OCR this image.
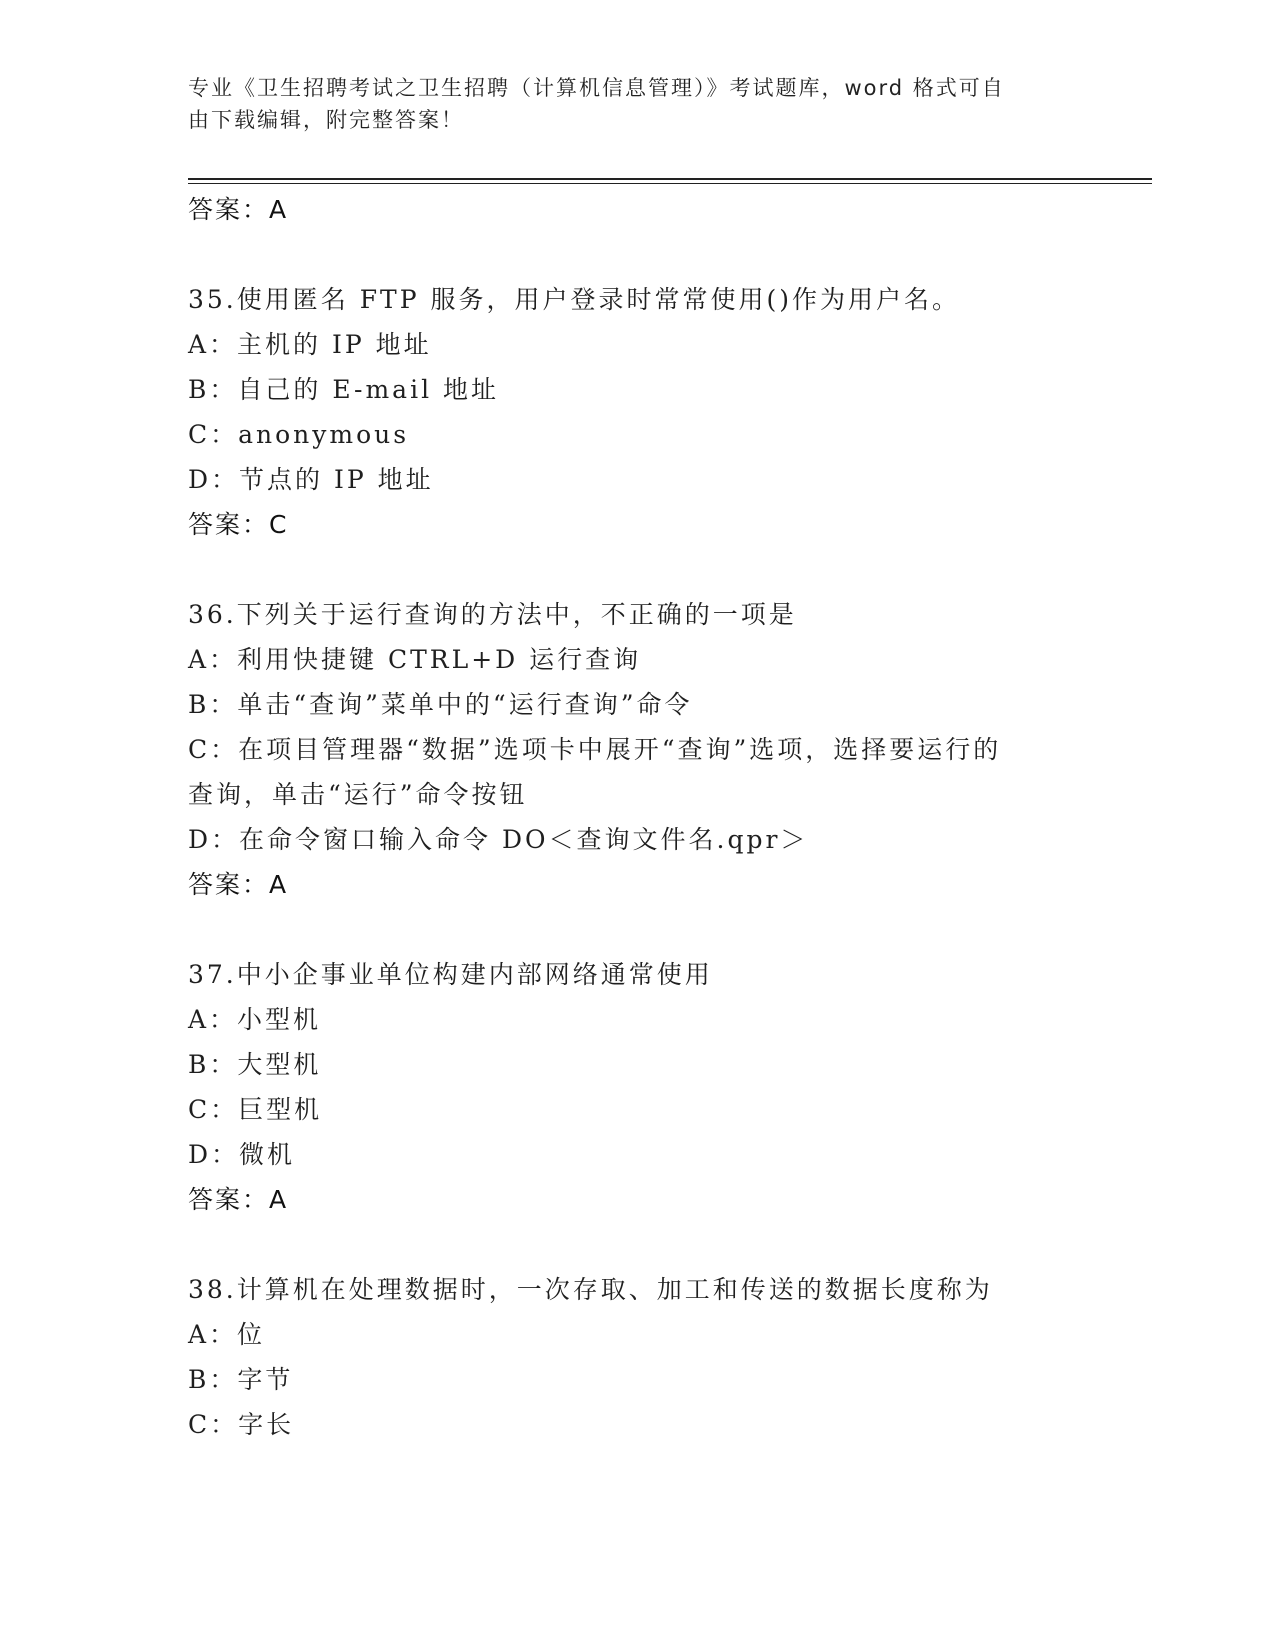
专业《卫生招聘考试之卫生招聘（计算机信息管理）》考试题库，word 格式可自
由下载编辑，附完整答案！
答案：A
35.使用匿名 FTP 服务，用户登录时常常使用()作为用户名。
A：主机的 IP 地址
B：自己的 E-mail 地址
C：anonymous
D：节点的 IP 地址
答案：C
36.下列关于运行查询的方法中，不正确的一项是
A：利用快捷键 CTRL+D 运行查询
B：单击“查询”菜单中的“运行查询”命令
C：在项目管理器“数据”选项卡中展开“查询”选项，选择要运行的
查询，单击“运行”命令按钮
D：在命令窗口输入命令 DO＜查询文件名.qpr＞
答案：A
37.中小企事业单位构建内部网络通常使用
A：小型机
B：大型机
C：巨型机
D：微机
答案：A
38.计算机在处理数据时，一次存取、加工和传送的数据长度称为
A：位
B：字节
C：字长
